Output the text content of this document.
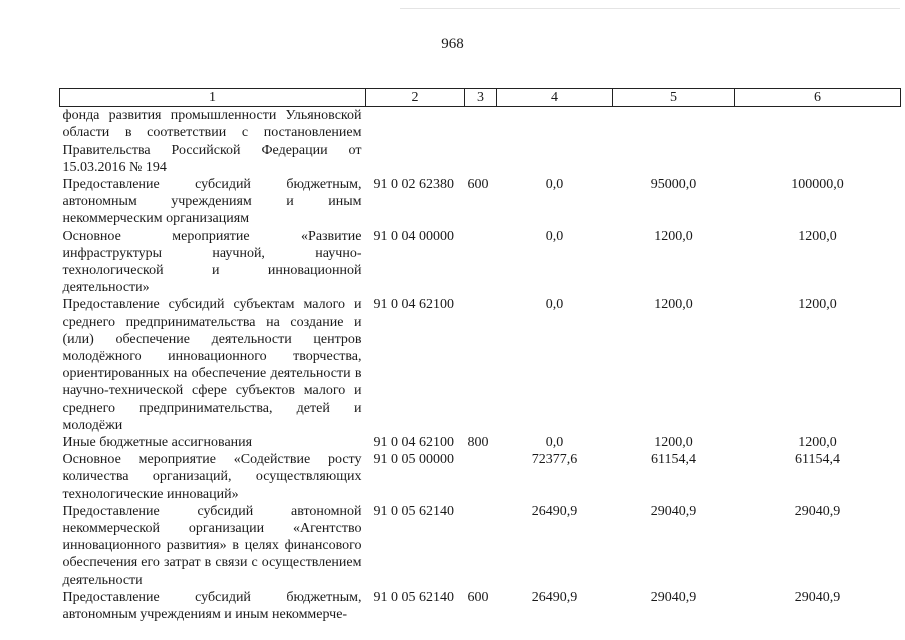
968
1	2	3	4	5	6
фонда развития промышленности Ульяновской области в соответствии с постановлением Правительства Российской Федерации от 15.03.2016 № 194					
Предоставление субсидий бюджетным, автономным учреждениям и иным некоммерческим организациям	91 0 02 62380	600	0,0	95000,0	100000,0
Основное мероприятие «Развитие инфраструктуры научной, научно-технологической и инновационной деятельности»	91 0 04 00000		0,0	1200,0	1200,0
Предоставление субсидий субъектам малого и среднего предпринимательства на создание и (или) обеспечение деятельности центров молодёжного инновационного творчества, ориентированных на обеспечение деятельности в научно-технической сфере субъектов малого и среднего предпринимательства, детей и молодёжи	91 0 04 62100		0,0	1200,0	1200,0
Иные бюджетные ассигнования	91 0 04 62100	800	0,0	1200,0	1200,0
Основное мероприятие «Содействие росту количества организаций, осуществляющих технологические инноваций»	91 0 05 00000		72377,6	61154,4	61154,4
Предоставление субсидий автономной некоммерческой организации «Агентство инновационного развития» в целях финансового обеспечения его затрат в связи с осуществлением деятельности	91 0 05 62140		26490,9	29040,9	29040,9
Предоставление субсидий бюджетным, автономным учреждениям и иным некоммерче-	91 0 05 62140	600	26490,9	29040,9	29040,9
